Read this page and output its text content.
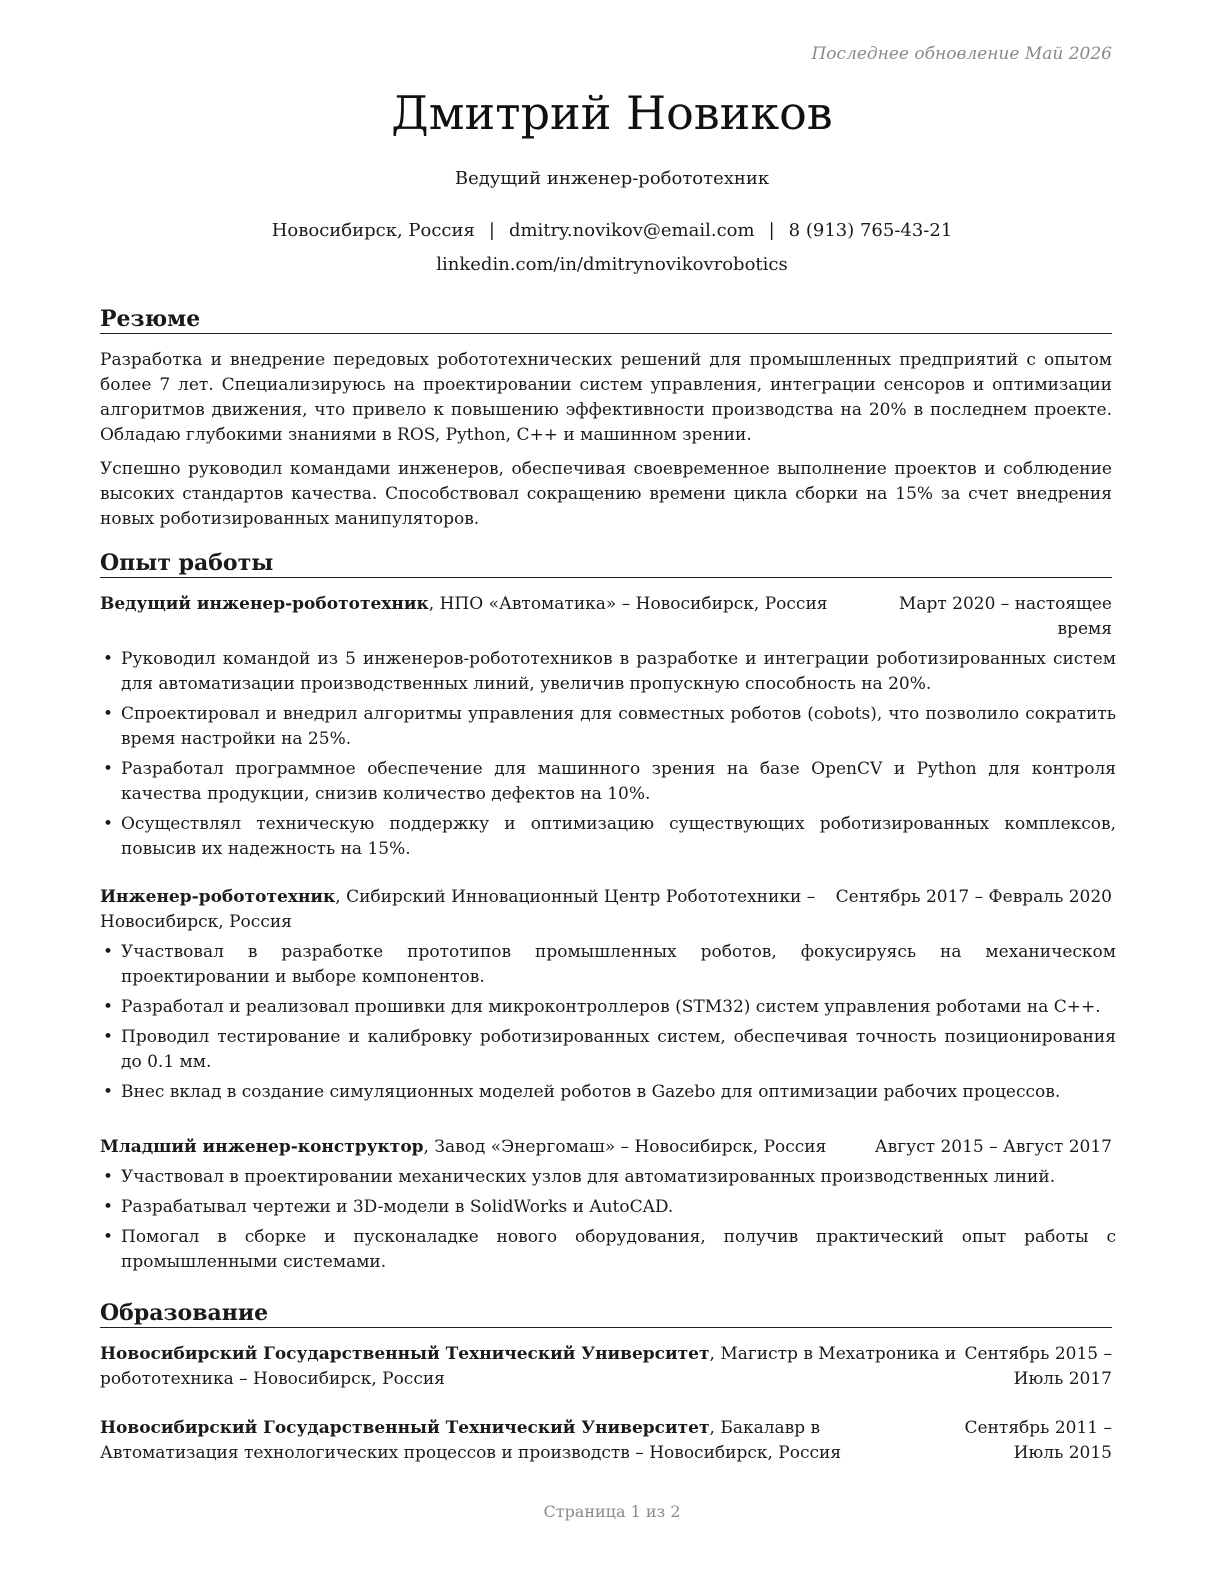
Последнее обновление Май 2026
Дмитрий Новиков
Ведущий инженер-робототехник
Новосибирск, Россия | dmitry.novikov@email.com | 8 (913) 765-43-21
linkedin.com/in/dmitrynovikovrobotics
Резюме
Разработка и внедрение передовых робототехнических решений для промышленных предприятий с опытом более 7 лет. Специализируюсь на проектировании систем управления, интеграции сенсоров и оптимизации алгоритмов движения, что привело к повышению эффективности производства на 20% в последнем проекте. Обладаю глубокими знаниями в ROS, Python, C++ и машинном зрении.
Успешно руководил командами инженеров, обеспечивая своевременное выполнение проектов и соблюдение высоких стандартов качества. Способствовал сокращению времени цикла сборки на 15% за счет внедрения новых роботизированных манипуляторов.
Опыт работы
Ведущий инженер-робототехник, НПО «Автоматика» – Новосибирск, Россия	Март 2020 – настоящее время
• Руководил командой из 5 инженеров-робототехников в разработке и интеграции роботизированных систем для автоматизации производственных линий, увеличив пропускную способность на 20%.
• Спроектировал и внедрил алгоритмы управления для совместных роботов (cobots), что позволило сократить время настройки на 25%.
• Разработал программное обеспечение для машинного зрения на базе OpenCV и Python для контроля качества продукции, снизив количество дефектов на 10%.
• Осуществлял техническую поддержку и оптимизацию существующих роботизированных комплексов, повысив их надежность на 15%.
Инженер-робототехник, Сибирский Инновационный Центр Робототехники – Новосибирск, Россия
Сентябрь 2017 – Февраль 2020
• Участвовал в разработке прототипов промышленных роботов, фокусируясь на механическом проектировании и выборе компонентов.
• Разработал и реализовал прошивки для микроконтроллеров (STM32) систем управления роботами на C++.
• Проводил тестирование и калибровку роботизированных систем, обеспечивая точность позиционирования до 0.1 мм.
• Внес вклад в создание симуляционных моделей роботов в Gazebo для оптимизации рабочих процессов.
Младший инженер-конструктор, Завод «Энергомаш» – Новосибирск, Россия	Август 2015 – Август 2017
• Участвовал в проектировании механических узлов для автоматизированных производственных линий.
• Разрабатывал чертежи и 3D-модели в SolidWorks и AutoCAD.
• Помогал в сборке и пусконаладке нового оборудования, получив практический опыт работы с промышленными системами.
Образование
Новосибирский Государственный Технический Университет, Магистр в Мехатроника и робототехника – Новосибирск, Россия
Сентябрь 2015 – Июль 2017
Новосибирский Государственный Технический Университет, Бакалавр в Автоматизация технологических процессов и производств – Новосибирск, Россия
Сентябрь 2011 – Июль 2015
Страница 1 из 2
